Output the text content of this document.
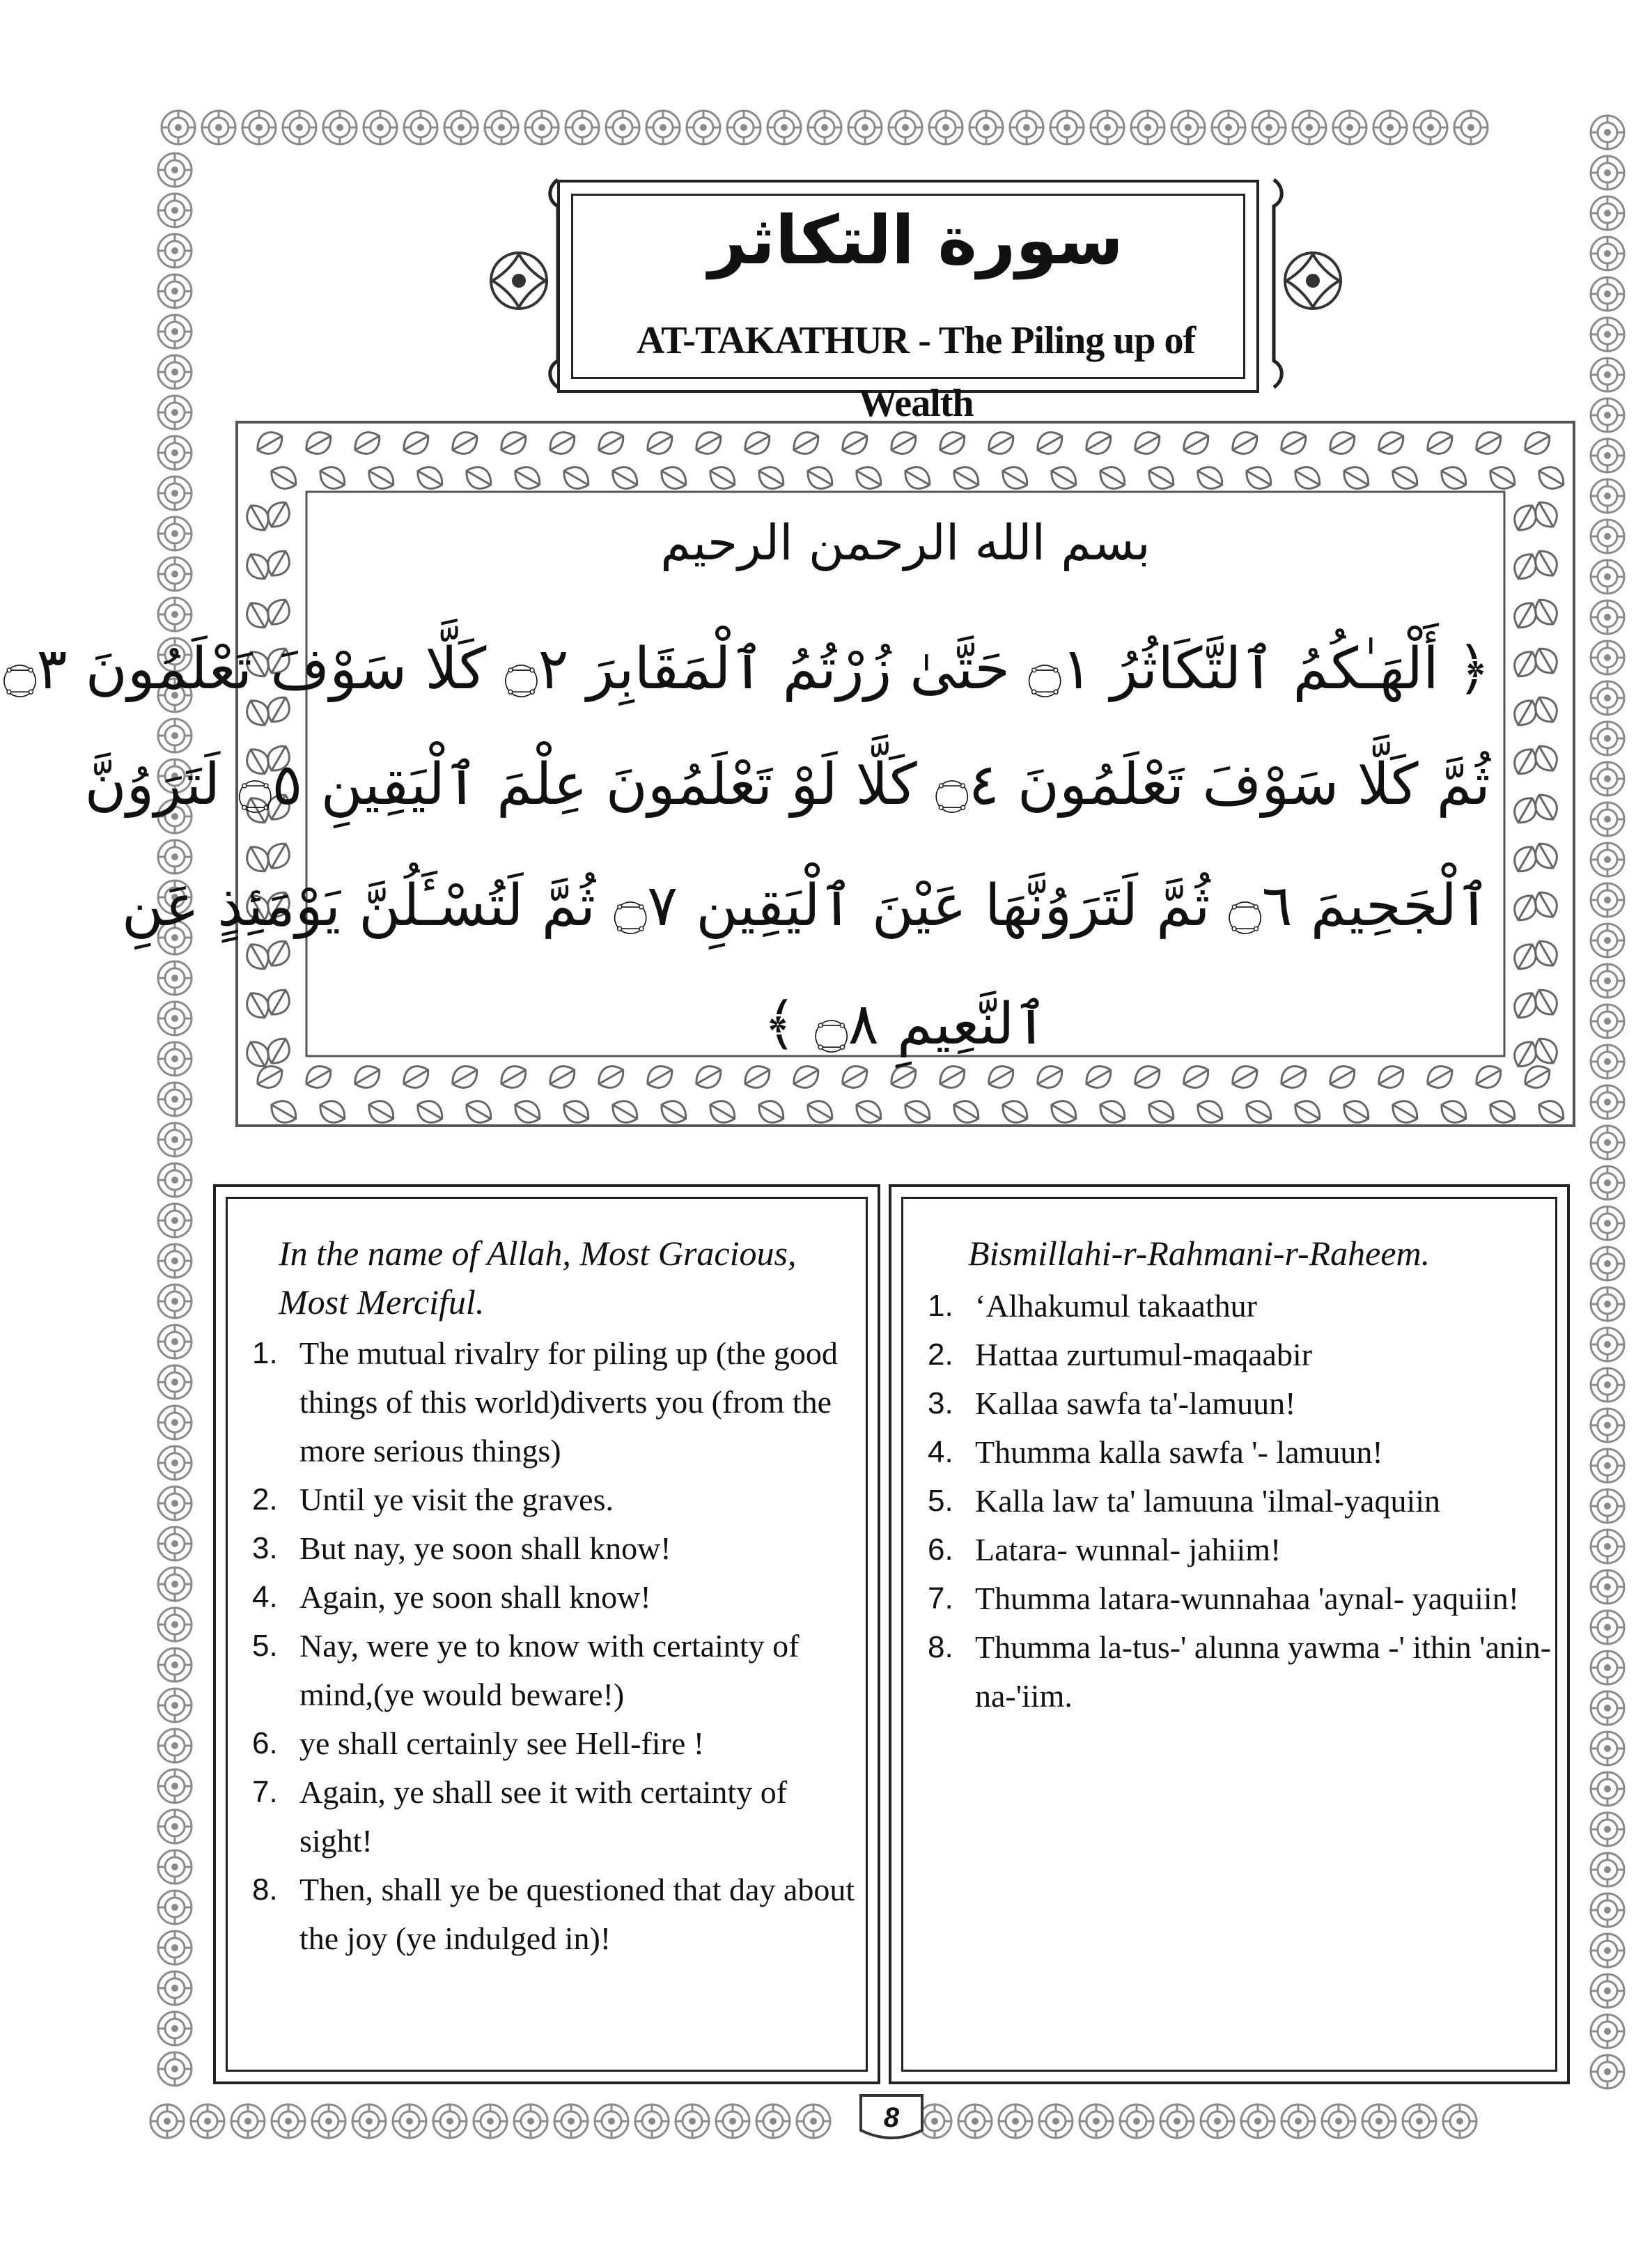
سورة التكاثر
AT-TAKATHUR - The Piling up of Wealth
بسم الله الرحمن الرحيم
﴿ أَلْهَـٰكُمُ ٱلتَّكَاثُرُ ۝١ حَتَّىٰ زُرْتُمُ ٱلْمَقَابِرَ ۝٢ كَلَّا سَوْفَ تَعْلَمُونَ ۝٣
ثُمَّ كَلَّا سَوْفَ تَعْلَمُونَ ۝٤ كَلَّا لَوْ تَعْلَمُونَ عِلْمَ ٱلْيَقِينِ ۝٥ لَتَرَوُنَّ
ٱلْجَحِيمَ ۝٦ ثُمَّ لَتَرَوُنَّهَا عَيْنَ ٱلْيَقِينِ ۝٧ ثُمَّ لَتُسْـَٔلُنَّ يَوْمَئِذٍ عَنِ
ٱلنَّعِيمِ ۝٨ ﴾
In the name of Allah, Most Gracious, Most Merciful.
1. The mutual rivalry for piling up (the good things of this world)diverts you (from the more serious things)
2. Until ye visit the graves.
3. But nay, ye soon shall know!
4. Again, ye soon shall know!
5. Nay, were ye to know with certainty of mind,(ye would beware!)
6. ye shall certainly see Hell-fire !
7. Again, ye shall see it with certainty of sight!
8. Then, shall ye be questioned that day about the joy (ye indulged in)!
Bismillahi-r-Rahmani-r-Raheem.
1. ‘Alhakumul takaathur
2. Hattaa zurtumul-maqaabir
3. Kallaa sawfa ta'-lamuun!
4. Thumma kalla sawfa '- lamuun!
5. Kalla law ta' lamuuna 'ilmal-yaquiin
6. Latara- wunnal- jahiim!
7. Thumma latara-wunnahaa 'aynal- yaquiin!
8. Thumma la-tus-' alunna yawma -' ithin 'anin-na-'iim.
8
